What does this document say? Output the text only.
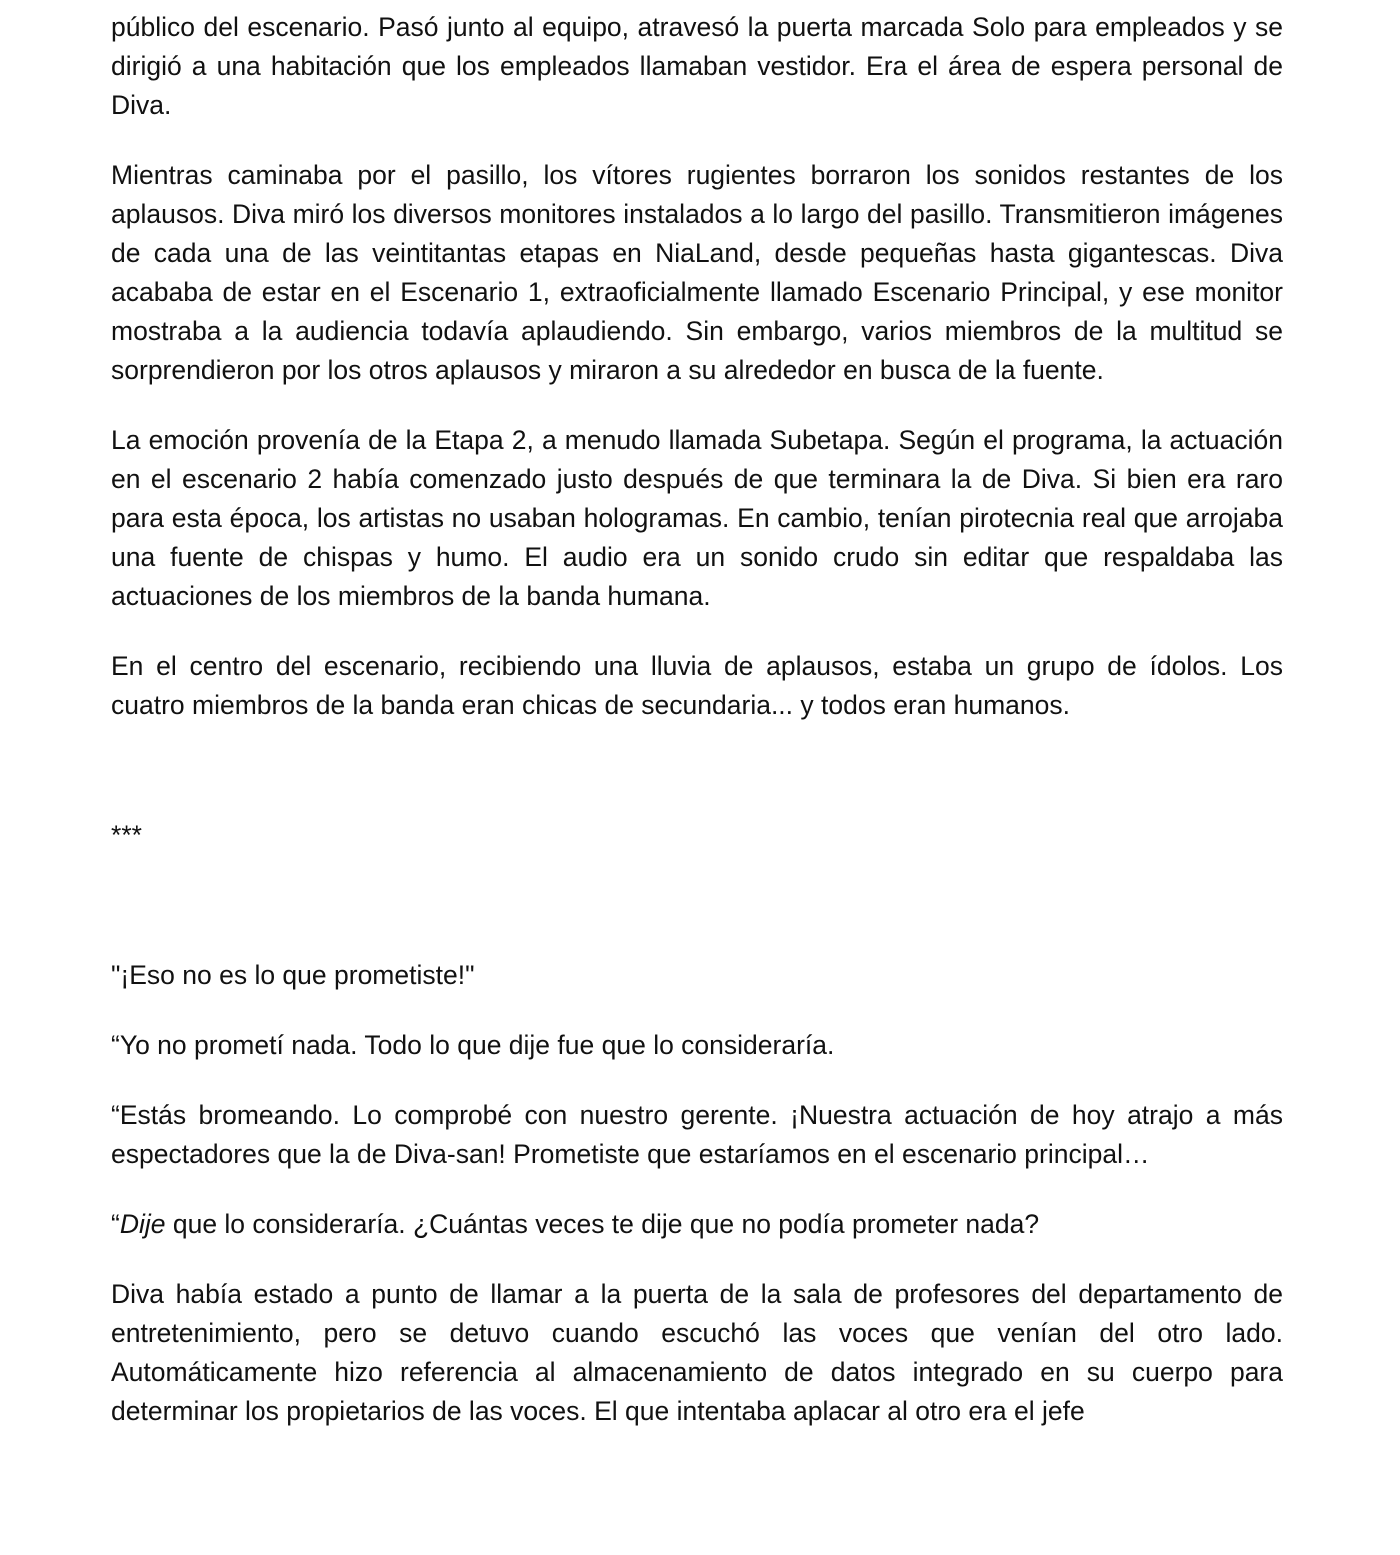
público del escenario. Pasó junto al equipo, atravesó la puerta marcada Solo para empleados y se dirigió a una habitación que los empleados llamaban vestidor. Era el área de espera personal de Diva.

Mientras caminaba por el pasillo, los vítores rugientes borraron los sonidos restantes de los aplausos. Diva miró los diversos monitores instalados a lo largo del pasillo. Transmitieron imágenes de cada una de las veintitantas etapas en NiaLand, desde pequeñas hasta gigantescas. Diva acababa de estar en el Escenario 1, extraoficialmente llamado Escenario Principal, y ese monitor mostraba a la audiencia todavía aplaudiendo. Sin embargo, varios miembros de la multitud se sorprendieron por los otros aplausos y miraron a su alrededor en busca de la fuente.

La emoción provenía de la Etapa 2, a menudo llamada Subetapa. Según el programa, la actuación en el escenario 2 había comenzado justo después de que terminara la de Diva. Si bien era raro para esta época, los artistas no usaban hologramas. En cambio, tenían pirotecnia real que arrojaba una fuente de chispas y humo. El audio era un sonido crudo sin editar que respaldaba las actuaciones de los miembros de la banda humana.

En el centro del escenario, recibiendo una lluvia de aplausos, estaba un grupo de ídolos. Los cuatro miembros de la banda eran chicas de secundaria... y todos eran humanos.

***

"¡Eso no es lo que prometiste!"

“Yo no prometí nada. Todo lo que dije fue que lo consideraría.

“Estás bromeando. Lo comprobé con nuestro gerente. ¡Nuestra actuación de hoy atrajo a más espectadores que la de Diva-san! Prometiste que estaríamos en el escenario principal…

“Dije que lo consideraría. ¿Cuántas veces te dije que no podía prometer nada?

Diva había estado a punto de llamar a la puerta de la sala de profesores del departamento de entretenimiento, pero se detuvo cuando escuchó las voces que venían del otro lado. Automáticamente hizo referencia al almacenamiento de datos integrado en su cuerpo para determinar los propietarios de las voces. El que intentaba aplacar al otro era el jefe
